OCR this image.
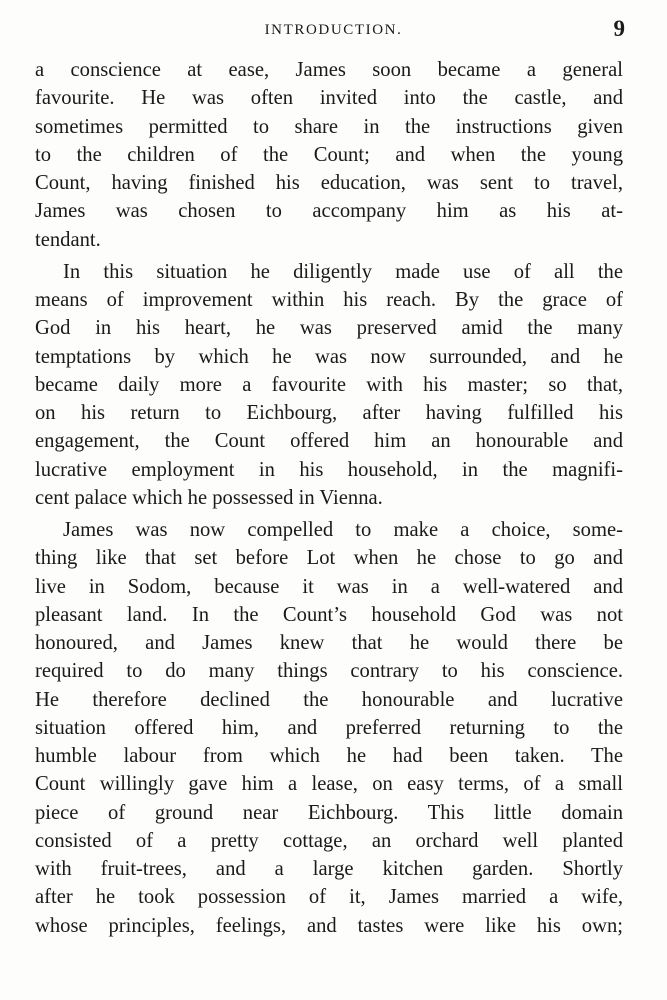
INTRODUCTION.	9
a conscience at ease, James soon became a general
favourite. He was often invited into the castle, and
sometimes permitted to share in the instructions given
to the children of the Count; and when the young
Count, having finished his education, was sent to travel,
James was chosen to accompany him as his at-
tendant.
In this situation he diligently made use of all the
means of improvement within his reach. By the grace of
God in his heart, he was preserved amid the many
temptations by which he was now surrounded, and he
became daily more a favourite with his master; so that,
on his return to Eichbourg, after having fulfilled his
engagement, the Count offered him an honourable and
lucrative employment in his household, in the magnifi-
cent palace which he possessed in Vienna.
James was now compelled to make a choice, some-
thing like that set before Lot when he chose to go and
live in Sodom, because it was in a well-watered and
pleasant land. In the Count’s household God was not
honoured, and James knew that he would there be
required to do many things contrary to his conscience.
He therefore declined the honourable and lucrative
situation offered him, and preferred returning to the
humble labour from which he had been taken. The
Count willingly gave him a lease, on easy terms, of a small
piece of ground near Eichbourg. This little domain
consisted of a pretty cottage, an orchard well planted
with fruit-trees, and a large kitchen garden. Shortly
after he took possession of it, James married a wife,
whose principles, feelings, and tastes were like his own;
